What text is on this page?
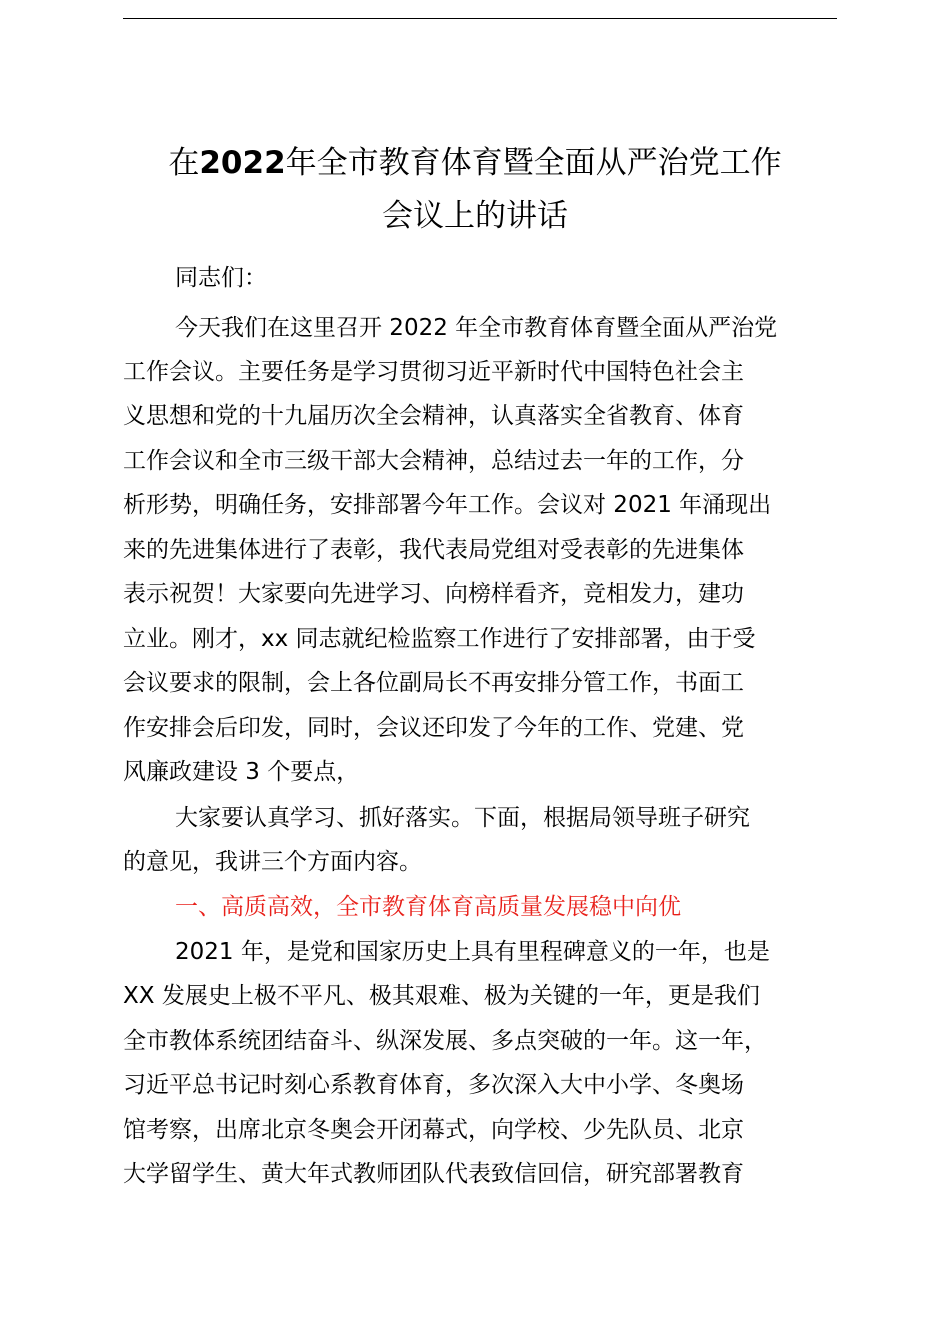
在2022年全市教育体育暨全面从严治党工作
会议上的讲话

同志们：

今天我们在这里召开 2022 年全市教育体育暨全面从严治党

工作会议。主要任务是学习贯彻习近平新时代中国特色社会主

义思想和党的十九届历次全会精神，认真落实全省教育、体育

工作会议和全市三级干部大会精神，总结过去一年的工作，分

析形势，明确任务，安排部署今年工作。会议对 2021 年涌现出

来的先进集体进行了表彰，我代表局党组对受表彰的先进集体

表示祝贺！大家要向先进学习、向榜样看齐，竞相发力，建功

立业。刚才，xx 同志就纪检监察工作进行了安排部署，由于受

会议要求的限制，会上各位副局长不再安排分管工作，书面工

作安排会后印发，同时，会议还印发了今年的工作、党建、党

风廉政建设 3 个要点，

大家要认真学习、抓好落实。下面，根据局领导班子研究

的意见，我讲三个方面内容。

一、高质高效，全市教育体育高质量发展稳中向优

2021 年，是党和国家历史上具有里程碑意义的一年，也是

XX 发展史上极不平凡、极其艰难、极为关键的一年，更是我们

全市教体系统团结奋斗、纵深发展、多点突破的一年。这一年，

习近平总书记时刻心系教育体育，多次深入大中小学、冬奥场

馆考察，出席北京冬奥会开闭幕式，向学校、少先队员、北京

大学留学生、黄大年式教师团队代表致信回信，研究部署教育
